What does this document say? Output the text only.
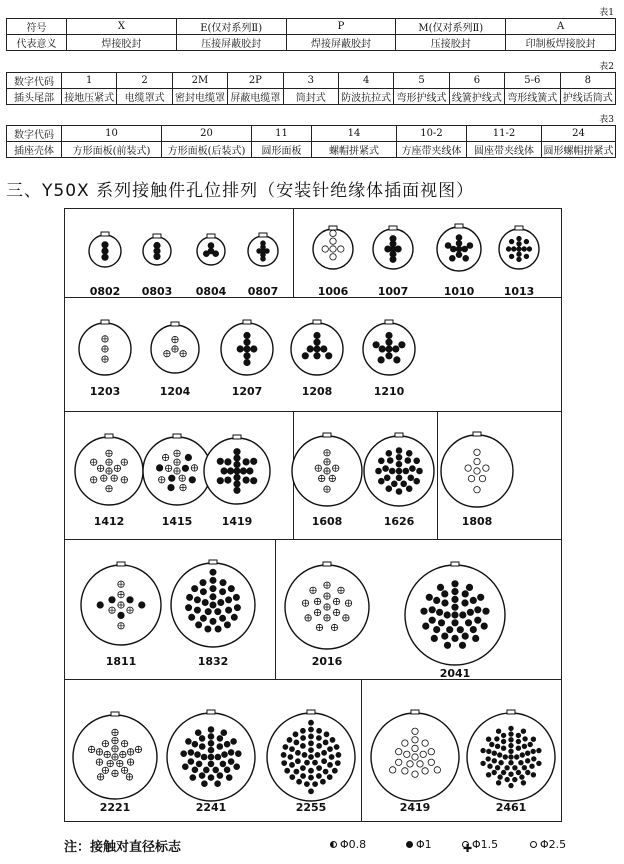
表1
符号	X	E(仅对系列Ⅱ)	P	M(仅对系列Ⅱ)	A
代表意义	焊接胶封	压接屏蔽胶封	焊接屏蔽胶封	压接胶封	印制板焊接胶封
表2
数字代码	1	2	2M	2P	3	4	5	6	5-6	8
插头尾部	接地压紧式	电缆罩式	密封电缆罩	屏蔽电缆罩	筒封式	防波抗拉式	弯形护线式	线簧护线式	弯形线簧式	护线话筒式
表3
数字代码	10	20	11	14	10-2	11-2	24
插座壳体	方形面板(前装式)	方形面板(后装式)	圆形面板	螺帽拼紧式	方座带夹线体	圆座带夹线体	圆形螺帽拼紧式
三、Y50X 系列接触件孔位排列（安装针绝缘体插面视图）
0802	0803	0804	0807	1006	1007	1010	1013
1203	1204	1207	1208	1210
1412	1415	1419	1608	1626	1808
1811	1832	2016
2041
2221	2241	2255	2419	2461
注：接触对直径标志	Φ0.8	Φ1	✚ Φ1.5	Φ2.5
